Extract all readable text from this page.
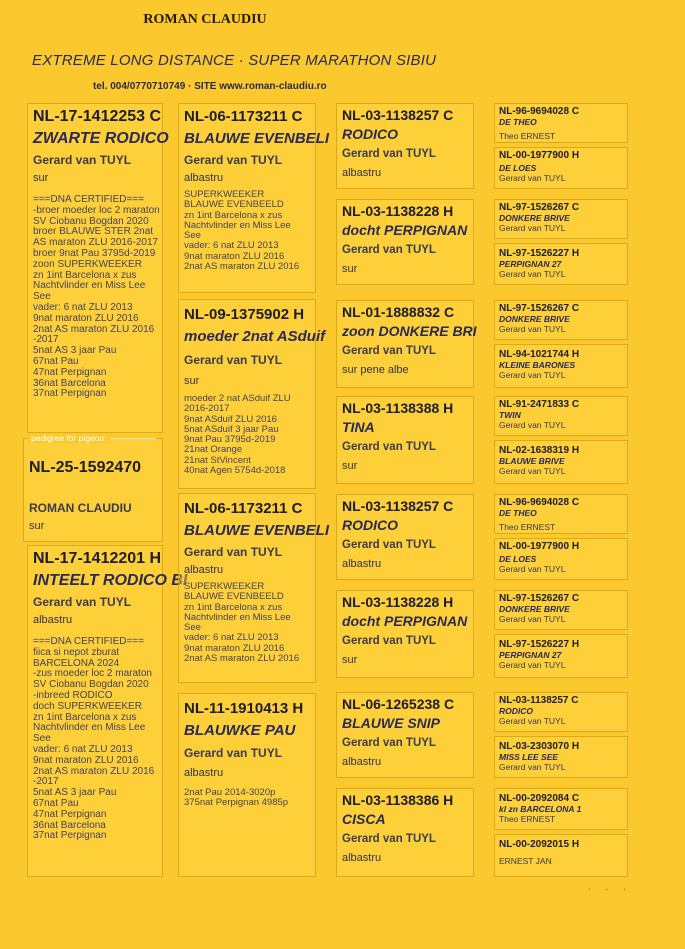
ROMAN CLAUDIU
EXTREME LONG DISTANCE · SUPER MARATHON SIBIU
tel. 004/0770710749 · SITE www.roman-claudiu.ro
NL-17-1412253 C
ZWARTE RODICO
Gerard van TUYL
sur
===DNA CERTIFIED===
-broer moeder loc 2 maraton
SV Ciobanu Bogdan 2020
broer BLAUWE STER 2nat
AS maraton ZLU 2016-2017
broer 9nat Pau 3795d-2019
zoon SUPERKWEEKER
zn 1int Barcelona x zus
Nachtvlinder en Miss Lee
See
vader: 6 nat ZLU 2013
9nat maraton ZLU 2016
2nat AS maraton ZLU 2016
-2017
5nat AS 3 jaar Pau
67nat Pau
47nat Perpignan
36nat Barcelona
37nat Perpignan
NL-25-1592470
ROMAN CLAUDIU
sur
pedigree for pigeon:
NL-17-1412201 H
INTEELT RODICO BI
Gerard van TUYL
albastru
===DNA CERTIFIED===
fiica si nepot zburat
BARCELONA 2024
-zus moeder loc 2 maraton
SV Ciobanu Bogdan 2020
-inbreed RODICO
doch SUPERKWEEKER
zn 1int Barcelona x zus
Nachtvlinder en Miss Lee
See
vader: 6 nat ZLU 2013
9nat maraton ZLU 2016
2nat AS maraton ZLU 2016
-2017
5nat AS 3 jaar Pau
67nat Pau
47nat Perpignan
36nat Barcelona
37nat Perpignan
NL-06-1173211 C
BLAUWE EVENBELI
Gerard van TUYL
albastru
SUPERKWEEKER
BLAUWE EVENBEELD
zn 1int Barcelona x zus
Nachtvlinder en Miss Lee
See
vader: 6 nat ZLU 2013
9nat maraton ZLU 2016
2nat AS maraton ZLU 2016
NL-09-1375902 H
moeder 2nat ASduif
Gerard van TUYL
sur
moeder 2 nat ASduif ZLU
2016-2017
9nat ASduif ZLU 2016
5nat ASduif 3 jaar Pau
9nat Pau 3795d-2019
21nat Orange
21nat StVincent
40nat Agen 5754d-2018
NL-06-1173211 C
BLAUWE EVENBELI
Gerard van TUYL
albastru
SUPERKWEEKER
BLAUWE EVENBEELD
zn 1int Barcelona x zus
Nachtvlinder en Miss Lee
See
vader: 6 nat ZLU 2013
9nat maraton ZLU 2016
2nat AS maraton ZLU 2016
NL-11-1910413 H
BLAUWKE PAU
Gerard van TUYL
albastru
2nat Pau 2014-3020p
375nat Perpignan 4985p
NL-03-1138257 C
RODICO
Gerard van TUYL
albastru
NL-03-1138228 H
docht PERPIGNAN
Gerard van TUYL
sur
NL-01-1888832 C
zoon DONKERE BRI
Gerard van TUYL
sur pene albe
NL-03-1138388 H
TINA
Gerard van TUYL
sur
NL-03-1138257 C
RODICO
Gerard van TUYL
albastru
NL-03-1138228 H
docht PERPIGNAN
Gerard van TUYL
sur
NL-06-1265238 C
BLAUWE SNIP
Gerard van TUYL
albastru
NL-03-1138386 H
CISCA
Gerard van TUYL
albastru
NL-96-9694028 C
DE THEO
Theo ERNEST
NL-00-1977900 H
DE LOES
Gerard van TUYL
NL-97-1526267 C
DONKERE BRIVE
Gerard van TUYL
NL-97-1526227 H
PERPIGNAN 27
Gerard van TUYL
NL-97-1526267 C
DONKERE BRIVE
Gerard van TUYL
NL-94-1021744 H
KLEINE BARONES
Gerard van TUYL
NL-91-2471833 C
TWIN
Gerard van TUYL
NL-02-1638319 H
BLAUWE BRIVE
Gerard van TUYL
NL-96-9694028 C
DE THEO
Theo ERNEST
NL-00-1977900 H
DE LOES
Gerard van TUYL
NL-97-1526267 C
DONKERE BRIVE
Gerard van TUYL
NL-97-1526227 H
PERPIGNAN 27
Gerard van TUYL
NL-03-1138257 C
RODICO
Gerard van TUYL
NL-03-2303070 H
MISS LEE SEE
Gerard van TUYL
NL-00-2092084 C
kl zn BARCELONA 1
Theo ERNEST
NL-00-2092015 H
ERNEST JAN
. . .
